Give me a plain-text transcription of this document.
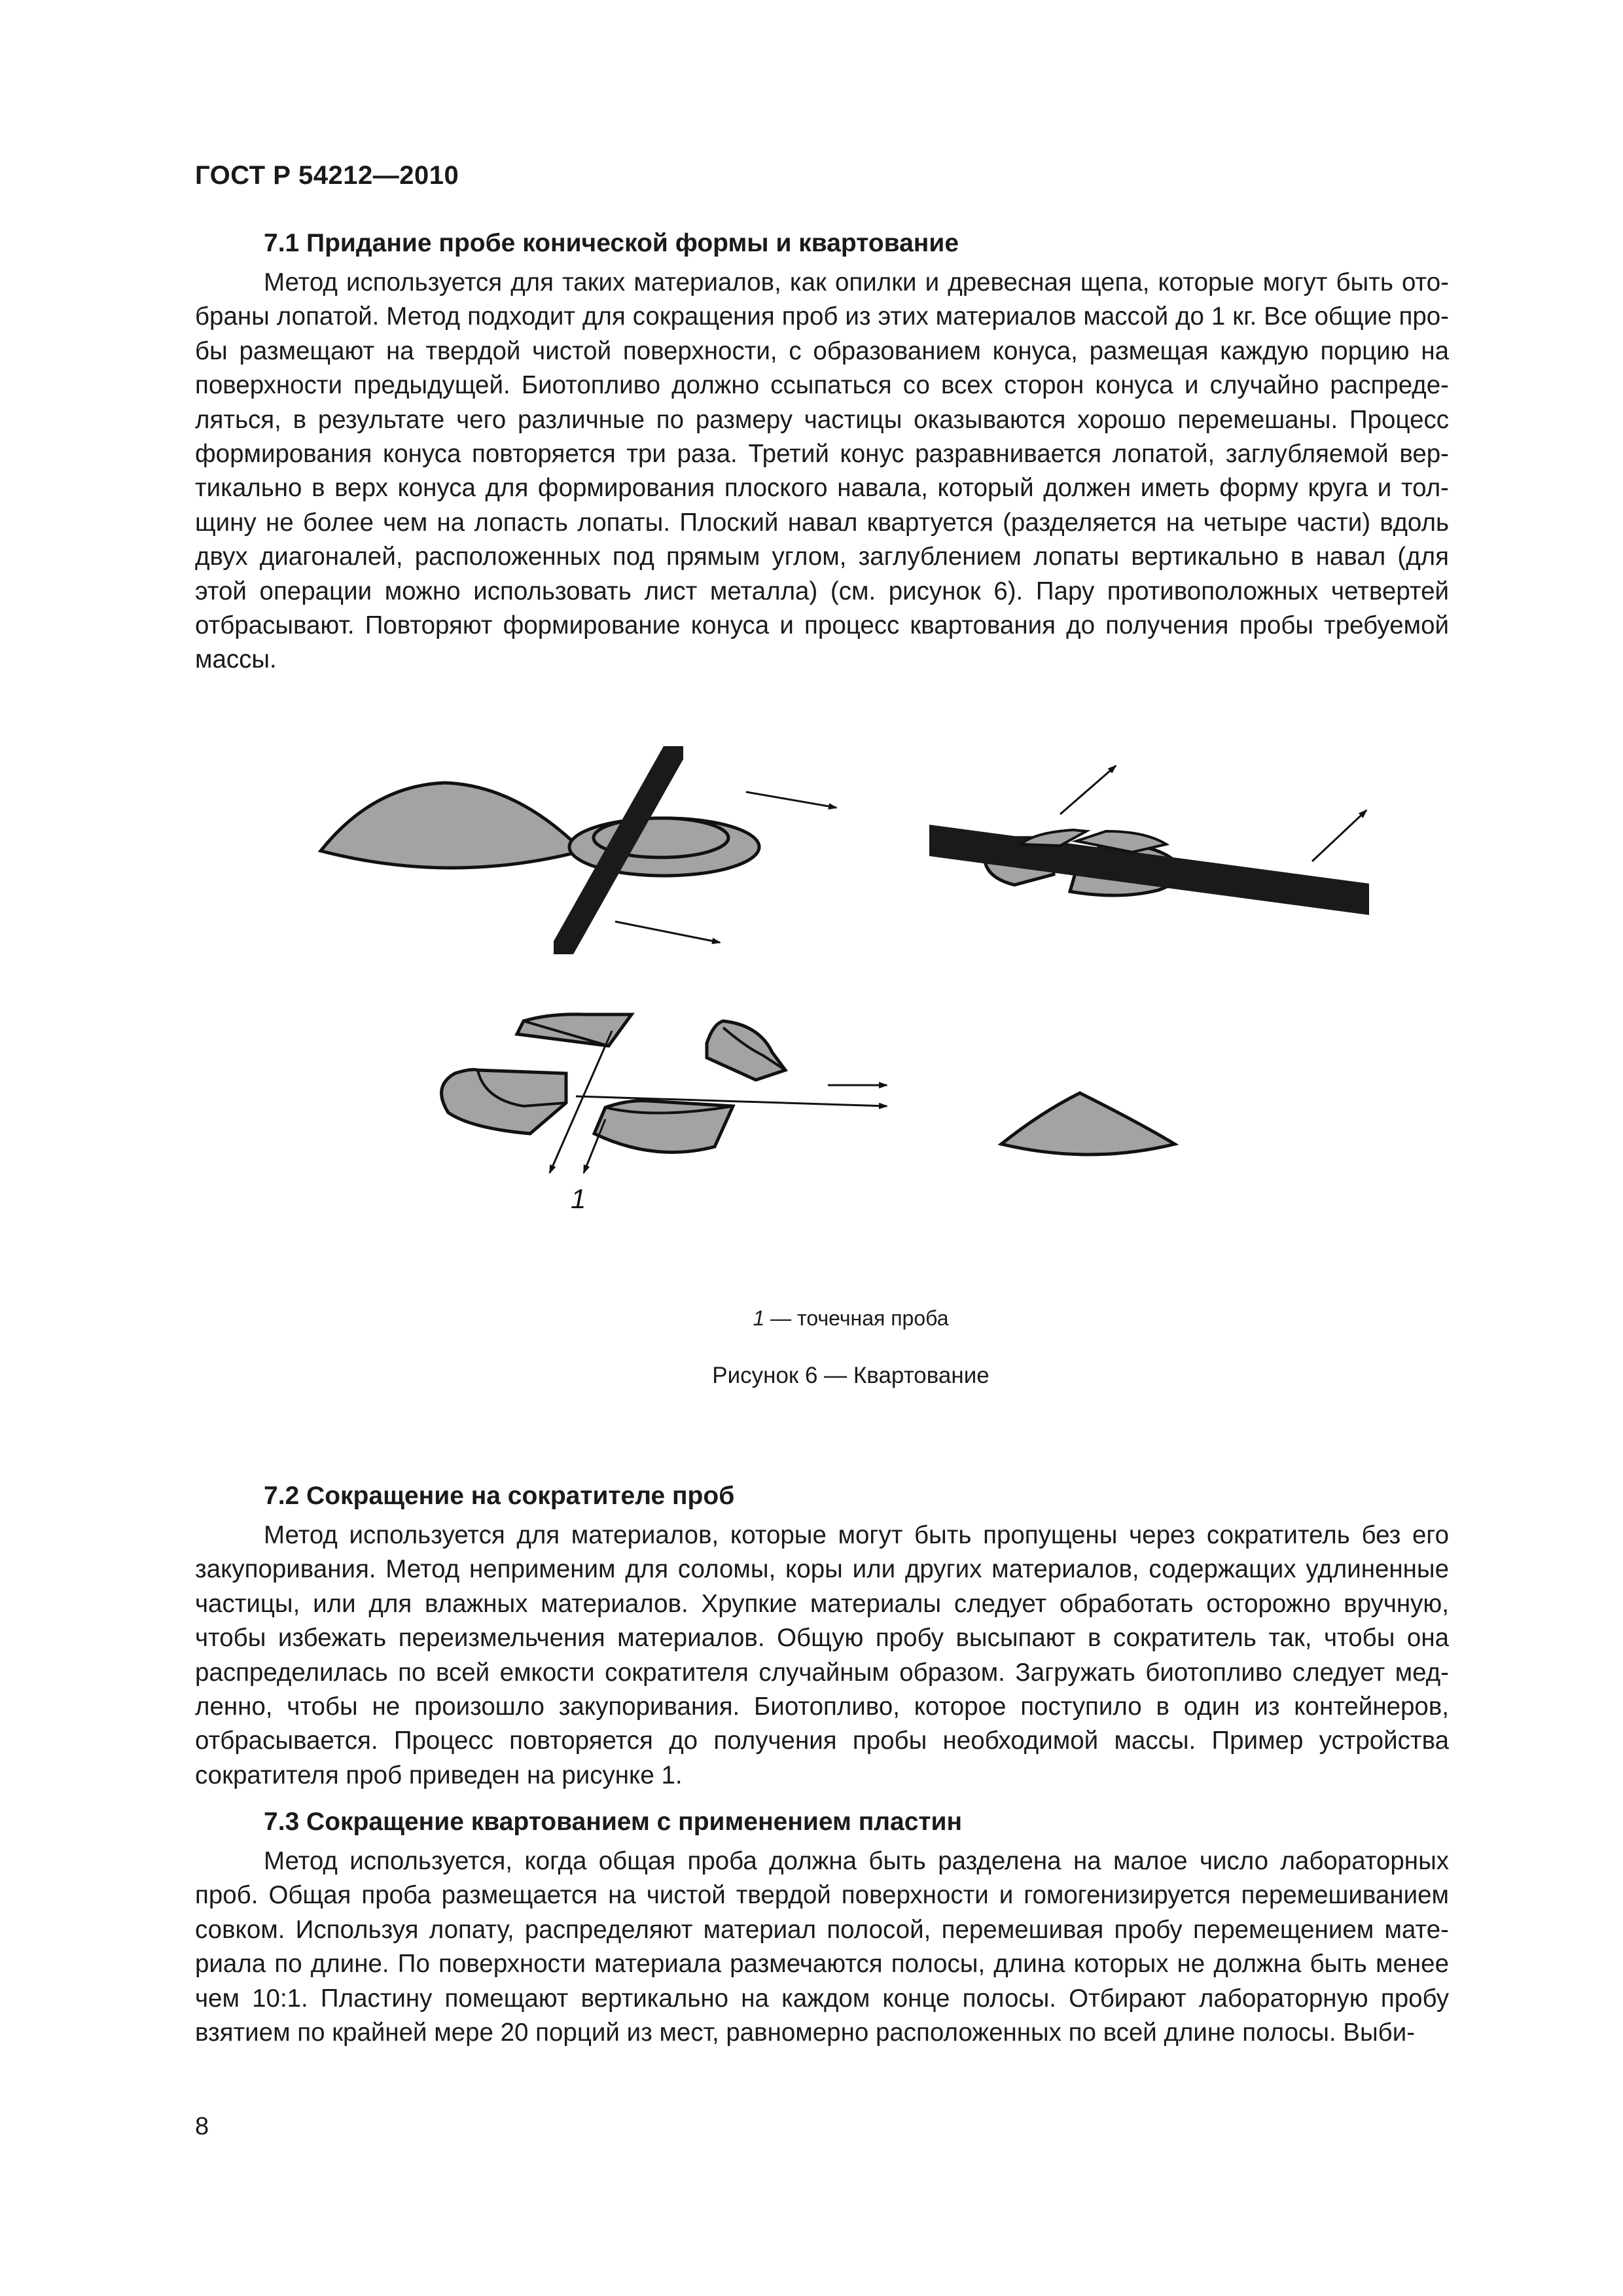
ГОСТ Р 54212—2010
7.1 Придание пробе конической формы и квартование

Метод используется для таких материалов, как опилки и древесная щепа, которые могут быть отобраны лопатой. Метод подходит для сокращения проб из этих материалов массой до 1 кг. Все общие пробы размещают на твердой чистой поверхности, с образованием конуса, размещая каждую порцию на поверхности предыдущей. Биотопливо должно ссыпаться со всех сторон конуса и случайно распределяться, в результате чего различные по размеру частицы оказываются хорошо перемешаны. Процесс формирования конуса повторяется три раза. Третий конус разравнивается лопатой, заглубляемой вертикально в верх конуса для формирования плоского навала, который должен иметь форму круга и толщину не более чем на лопасть лопаты. Плоский навал квартуется (разделяется на четыре части) вдоль двух диагоналей, расположенных под прямым углом, заглублением лопаты вертикально в навал (для этой операции можно использовать лист металла) (см. рисунок 6). Пару противоположных четвертей отбрасывают. Повторяют формирование конуса и процесс квартования до получения пробы требуемой массы.

1
1 — точечная проба
Рисунок 6 — Квартование
7.2 Сокращение на сократителе проб

Метод используется для материалов, которые могут быть пропущены через сократитель без его закупоривания. Метод неприменим для соломы, коры или других материалов, содержащих удлиненные частицы, или для влажных материалов. Хрупкие материалы следует обработать осторожно вручную, чтобы избежать переизмельчения материалов. Общую пробу высыпают в сократитель так, чтобы она распределилась по всей емкости сократителя случайным образом. Загружать биотопливо следует медленно, чтобы не произошло закупоривания. Биотопливо, которое поступило в один из контейнеров, отбрасывается. Процесс повторяется до получения пробы необходимой массы. Пример устройства сократителя проб приведен на рисунке 1.

7.3 Сокращение квартованием с применением пластин

Метод используется, когда общая проба должна быть разделена на малое число лабораторных проб. Общая проба размещается на чистой твердой поверхности и гомогенизируется перемешиванием совком. Используя лопату, распределяют материал полосой, перемешивая пробу перемещением материала по длине. По поверхности материала размечаются полосы, длина которых не должна быть менее чем 10:1. Пластину помещают вертикально на каждом конце полосы. Отбирают лабораторную пробу взятием по крайней мере 20 порций из мест, равномерно расположенных по всей длине полосы. Выби-

8
